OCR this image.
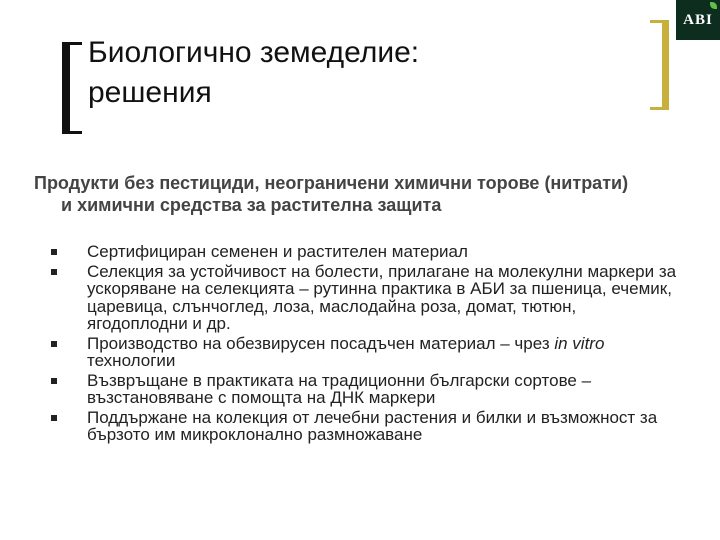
ABI
Биологично земеделие:
решения
Продукти без пестициди, неограничени химични торове (нитрати) и химични средства за растителна защита
Сертифициран семенен и растителен материал
Селекция за устойчивост на болести, прилагане на молекулни маркери за ускоряване на селекцията – рутинна практика в АБИ за пшеница, ечемик, царевица, слънчоглед, лоза, маслодайна роза, домат, тютюн, ягодоплодни и др.
Производство на обезвирусен посадъчен материал – чрез in vitro технологии
Възвръщане в практиката на традиционни български сортове – възстановяване с помощта на ДНК маркери
Поддържане на колекция от лечебни растения и билки и възможност за бързото им микроклонално размножаване
